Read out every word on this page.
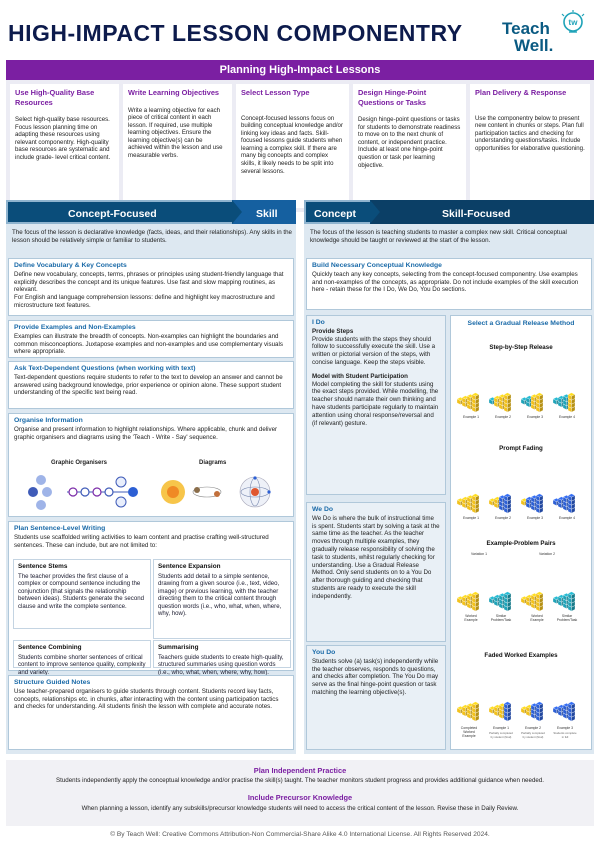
HIGH-IMPACT LESSON COMPONENTRY Teach
Well.
tw
Planning High-Impact Lessons
Use High-Quality Base Resources
Select high-quality base resources. Focus lesson planning time on adapting these resources using relevant componentry. High-quality base resources are systematic and include grade- level critical content.
Write Learning Objectives
Write a learning objective for each piece of critical content in each lesson. If required, use multiple learning objectives. Ensure the learning objective(s) can be achieved within the lesson and use measurable verbs.
Select Lesson Type
Concept-focused lessons focus on building conceptual knowledge and/or linking key ideas and facts. Skill-focused lessons guide students when learning a complex skill. If there are many big concepts and complex skills, it likely needs to be split into several lessons.
Design Hinge-Point Questions or Tasks
Design hinge-point questions or tasks for students to demonstrate readiness to move on to the next chunk of content, or independent practice. Include at least one hinge-point question or task per learning objective.
Plan Delivery & Response
Use the componentry below to present new content in chunks or steps. Plan full participation tactics and checking for understanding questions/tasks. Include opportunities for elaborative questioning.
Concept-Focused	Skill	Concept	Skill-Focused
The focus of the lesson is declarative knowledge (facts, ideas, and their relationships). Any skills in the lesson should be relatively simple or familiar to students.
Define Vocabulary & Key Concepts
Define new vocabulary, concepts, terms, phrases or principles using student-friendly language that explicitly describes the concept and its unique features. Use fast and slow mapping routines, as relevant.
For English and language comprehension lessons: define and highlight key macrostructure and microstructure text features.
Provide Examples and Non-Examples
Examples can illustrate the breadth of concepts. Non-examples can highlight the boundaries and common misconceptions. Juxtapose examples and non-examples and use complementary visuals where appropriate.
Ask Text-Dependent Questions (when working with text)
Text-dependent questions require students to refer to the text to develop an answer and cannot be answered using background knowledge, prior experience or opinion alone. These support student understanding of the specific text being read.
Organise Information
Organise and present information to highlight relationships. Where applicable, chunk and deliver graphic organisers and diagrams using the 'Teach - Write - Say' sequence.
Graphic Organisers	Diagrams
Plan Sentence-Level Writing
Students use scaffolded writing activities to learn content and practise crafting well-structured sentences. These can include, but are not limited to:
Sentence Stems
The teacher provides the first clause of a complex or compound sentence including the conjunction (that signals the relationship between ideas). Students generate the second clause and write the complete sentence.
Sentence Expansion
Students add detail to a simple sentence, drawing from a given source (i.e., text, video, image) or previous learning, with the teacher directing them to the critical content through question words (i.e., who, what, when, where, why, how).
Sentence Combining
Students combine shorter sentences of critical content to improve sentence quality, complexity and variety.
Summarising
Teachers guide students to create high-quality, structured summaries using question words (i.e., who, what, when, where, why, how).
Structure Guided Notes
Use teacher-prepared organisers to guide students through content. Students record key facts, concepts, relationships etc. in chunks, after interacting with the content using participation tactics and checks for understanding. All students finish the lesson with complete and accurate notes.
The focus of the lesson is teaching students to master a complex new skill. Critical conceptual knowledge should be taught or reviewed at the start of the lesson.
Build Necessary Conceptual Knowledge
Quickly teach any key concepts, selecting from the concept-focused componentry. Use examples and non-examples of the concepts, as appropriate. Do not include examples of the skill execution here - retain these for the I Do, We Do, You Do sections.
I Do
Provide Steps
Provide students with the steps they should follow to successfully execute the skill. Use a written or pictorial version of the steps, with concise language. Keep the steps visible.
Model with Student Participation
Model completing the skill for students using the exact steps provided. While modelling, the teacher should narrate their own thinking and have students participate regularly to maintain attention using choral response/reversal and (if relevant) gesture.
We Do
We Do is where the bulk of instructional time is spent. Students start by solving a task at the same time as the teacher. As the teacher moves through multiple examples, they gradually release responsibility of solving the task to students, whilst regularly checking for understanding. Use a Gradual Release Method. Only send students on to a You Do after thorough guiding and checking that students are ready to execute the skill independently.
You Do
Students solve (a) task(s) independently while the teacher observes, responds to questions, and checks after completion. The You Do may serve as the final hinge-point question or task matching the learning objective(s).
Select a Gradual Release Method
Step-by-Step Release
Example 1	Example 2	Example 3	Example 4
Prompt Fading
Example 1	Example 2	Example 3	Example 4
Example-Problem Pairs
Variation 1	Variation 2
Worked Example
Similar Problem/Task
Worked Example
Similar Problem/Task
Faded Worked Examples
Completed Worked Example
Example 1	Example 2	Example 3
Partially completed by student (final)
Partially completed by student (final)
Students complete in full
Plan Independent Practice
Students independently apply the conceptual knowledge and/or practise the skill(s) taught. The teacher monitors student progress and provides additional guidance when needed.
Include Precursor Knowledge
When planning a lesson, identify any subskills/precursor knowledge students will need to access the critical content of the lesson. Revise these in Daily Review.
© By Teach Well: Creative Commons Attribution-Non Commercial-Share Alike 4.0 International License. All Rights Reserved 2024.
